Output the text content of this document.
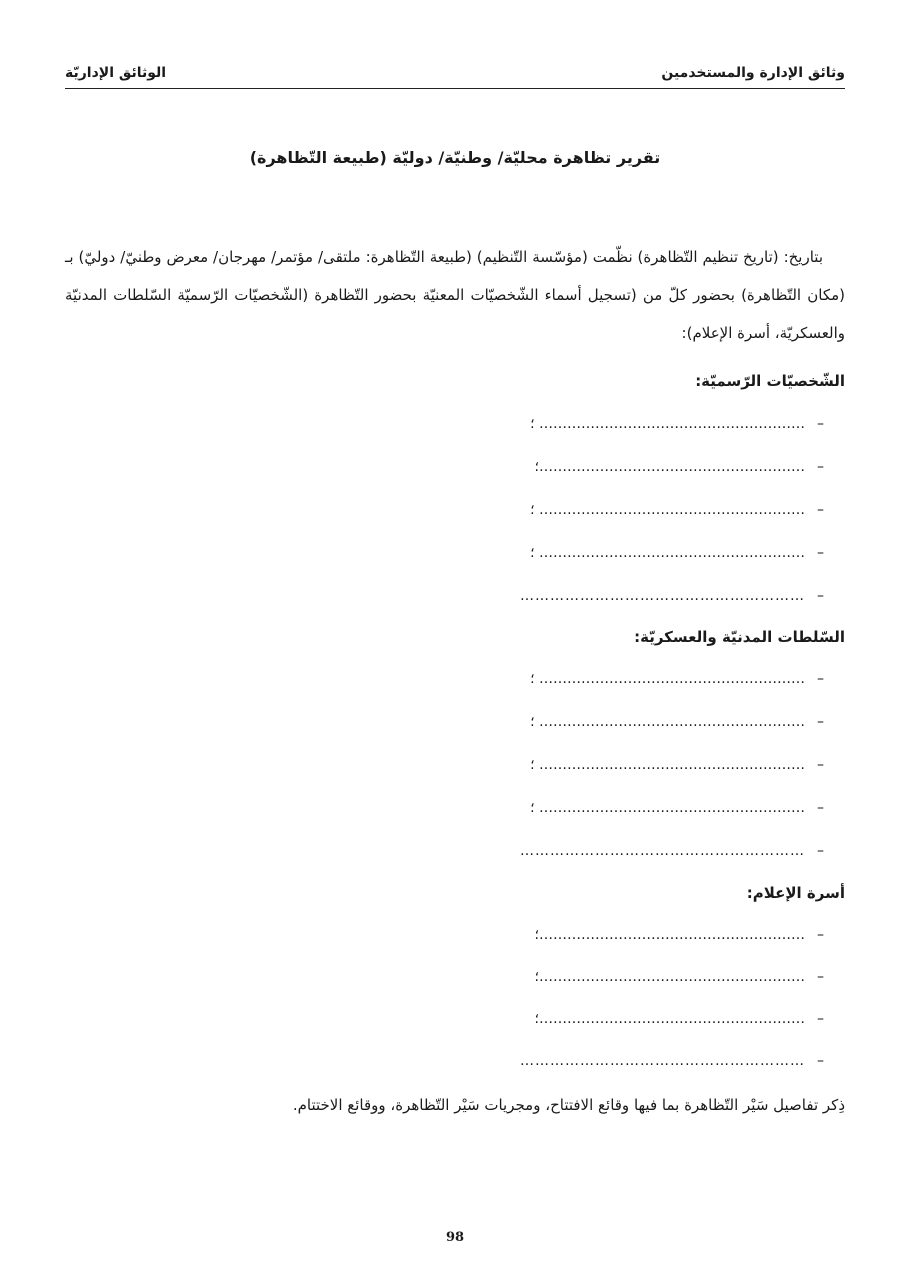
وثائق الإدارة والمستخدمين
الوثائق الإداريّة
تقرير تظاهرة محليّة/ وطنيّة/ دوليّة (طبيعة التّظاهرة)

بتاريخ: (تاريخ تنظيم التّظاهرة) نظّمت (مؤسّسة التّنظيم) (طبيعة التّظاهرة: ملتقى/ مؤتمر/ مهرجان/ معرض وطنيّ/ دوليّ) بـ (مكان التّظاهرة) بحضور كلّ من (تسجيل أسماء الشّخصيّات المعنيّة بحضور التّظاهرة (الشّخصيّات الرّسميّة السّلطات المدنيّة والعسكريّة، أسرة الإعلام):

الشّخصيّات الرّسميّة:
–………………………………………………… ؛
–…………………………………………………؛
–………………………………………………… ؛
–………………………………………………… ؛
–…………………………………………………
السّلطات المدنيّة والعسكريّة:
–………………………………………………… ؛
–………………………………………………… ؛
–………………………………………………… ؛
–………………………………………………… ؛
–…………………………………………………
أسرة الإعلام:
–…………………………………………………؛
–…………………………………………………؛
–…………………………………………………؛
–…………………………………………………
ذِكر تفاصيل سَيْر التّظاهرة بما فيها وقائع الافتتاح، ومجريات سَيْر التّظاهرة، ووقائع الاختتام.
98
